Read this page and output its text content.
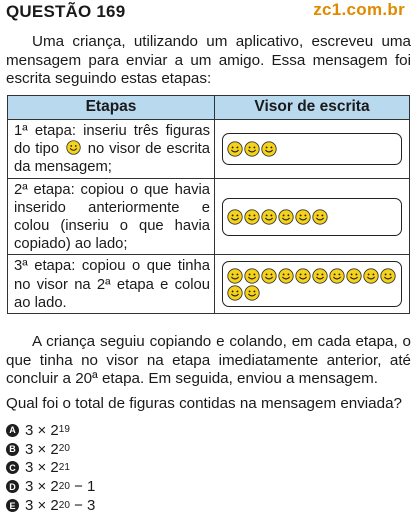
QUESTÃO 169	zc1.com.br
Uma criança, utilizando um aplicativo, escreveu uma mensagem para enviar a um amigo. Essa mensagem foi escrita seguindo estas etapas:
Etapas	Visor de escrita
1ª etapa: inseriu três figuras do tipo no visor de escrita da mensagem;	

2ª etapa: copiou o que havia inserido anteriormente e colou (inseriu o que havia copiado) ao lado;	

3ª etapa: copiou o que tinha no visor na 2ª etapa e colou ao lado.	
A criança seguiu copiando e colando, em cada etapa, o que tinha no visor na etapa imediatamente anterior, até concluir a 20ª etapa. Em seguida, enviou a mensagem.
Qual foi o total de figuras contidas na mensagem enviada?
A 3 × 2 19
B 3 × 2 20
C 3 × 2 21
D 3 × 2 20 − 1
E 3 × 2 20 − 3
